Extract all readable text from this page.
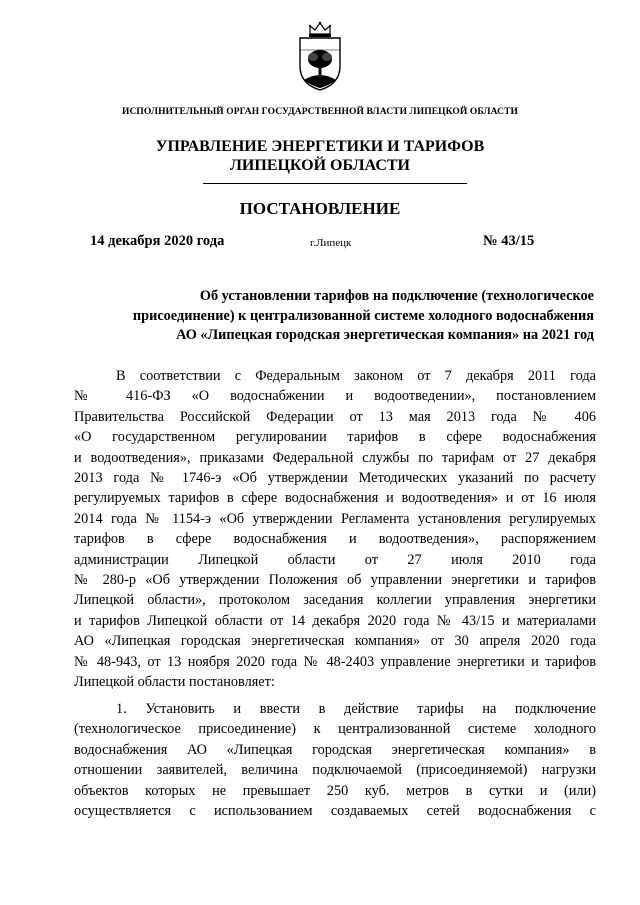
ИСПОЛНИТЕЛЬНЫЙ ОРГАН ГОСУДАРСТВЕННОЙ ВЛАСТИ ЛИПЕЦКОЙ ОБЛАСТИ
УПРАВЛЕНИЕ ЭНЕРГЕТИКИ И ТАРИФОВ
ЛИПЕЦКОЙ ОБЛАСТИ
ПОСТАНОВЛЕНИЕ
14 декабря 2020 года	г.Липецк	№ 43/15
Об установлении тарифов на подключение (технологическое
присоединение) к централизованной системе холодного водоснабжения
АО «Липецкая городская энергетическая компания» на 2021 год
В соответствии с Федеральным законом от 7 декабря 2011 года
№ 416-ФЗ «О водоснабжении и водоотведении», постановлением
Правительства Российской Федерации от 13 мая 2013 года № 406
«О государственном регулировании тарифов в сфере водоснабжения
и водоотведения», приказами Федеральной службы по тарифам от 27 декабря
2013 года № 1746-э «Об утверждении Методических указаний по расчету
регулируемых тарифов в сфере водоснабжения и водоотведения» и от 16 июля
2014 года № 1154-э «Об утверждении Регламента установления регулируемых
тарифов в сфере водоснабжения и водоотведения», распоряжением
администрации Липецкой области от 27 июля 2010 года
№ 280-р «Об утверждении Положения об управлении энергетики и тарифов
Липецкой области», протоколом заседания коллегии управления энергетики
и тарифов Липецкой области от 14 декабря 2020 года № 43/15 и материалами
АО «Липецкая городская энергетическая компания» от 30 апреля 2020 года
№ 48-943, от 13 ноября 2020 года № 48-2403 управление энергетики и тарифов
Липецкой области постановляет:
1. Установить и ввести в действие тарифы на подключение
(технологическое присоединение) к централизованной системе холодного
водоснабжения АО «Липецкая городская энергетическая компания» в
отношении заявителей, величина подключаемой (присоединяемой) нагрузки
объектов которых не превышает 250 куб. метров в сутки и (или)
осуществляется с использованием создаваемых сетей водоснабжения с
